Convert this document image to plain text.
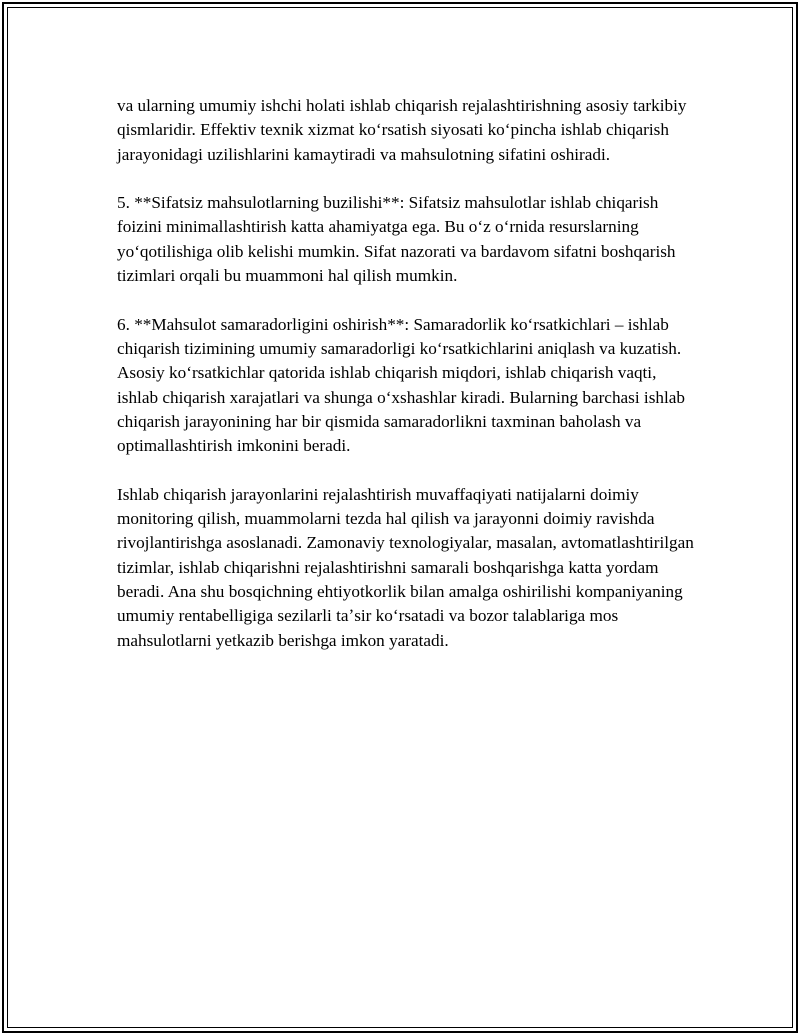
va ularning umumiy ishchi holati ishlab chiqarish rejalashtirishning asosiy tarkibiy qismlaridir. Effektiv texnik xizmat koʻrsatish siyosati koʻpincha ishlab chiqarish jarayonidagi uzilishlarini kamaytiradi va mahsulotning sifatini oshiradi.

5. **Sifatsiz mahsulotlarning buzilishi**: Sifatsiz mahsulotlar ishlab chiqarish foizini minimallashtirish katta ahamiyatga ega. Bu oʻz oʻrnida resurslarning yoʻqotilishiga olib kelishi mumkin. Sifat nazorati va bardavom sifatni boshqarish tizimlari orqali bu muammoni hal qilish mumkin.

6. **Mahsulot samaradorligini oshirish**: Samaradorlik koʻrsatkichlari – ishlab chiqarish tizimining umumiy samaradorligi koʻrsatkichlarini aniqlash va kuzatish. Asosiy koʻrsatkichlar qatorida ishlab chiqarish miqdori, ishlab chiqarish vaqti, ishlab chiqarish xarajatlari va shunga oʻxshashlar kiradi. Bularning barchasi ishlab chiqarish jarayonining har bir qismida samaradorlikni taxminan baholash va optimallashtirish imkonini beradi.

Ishlab chiqarish jarayonlarini rejalashtirish muvaffaqiyati natijalarni doimiy monitoring qilish, muammolarni tezda hal qilish va jarayonni doimiy ravishda rivojlantirishga asoslanadi. Zamonaviy texnologiyalar, masalan, avtomatlashtirilgan tizimlar, ishlab chiqarishni rejalashtirishni samarali boshqarishga katta yordam beradi. Ana shu bosqichning ehtiyotkorlik bilan amalga oshirilishi kompaniyaning umumiy rentabelligiga sezilarli taʼsir koʻrsatadi va bozor talablariga mos mahsulotlarni yetkazib berishga imkon yaratadi.
